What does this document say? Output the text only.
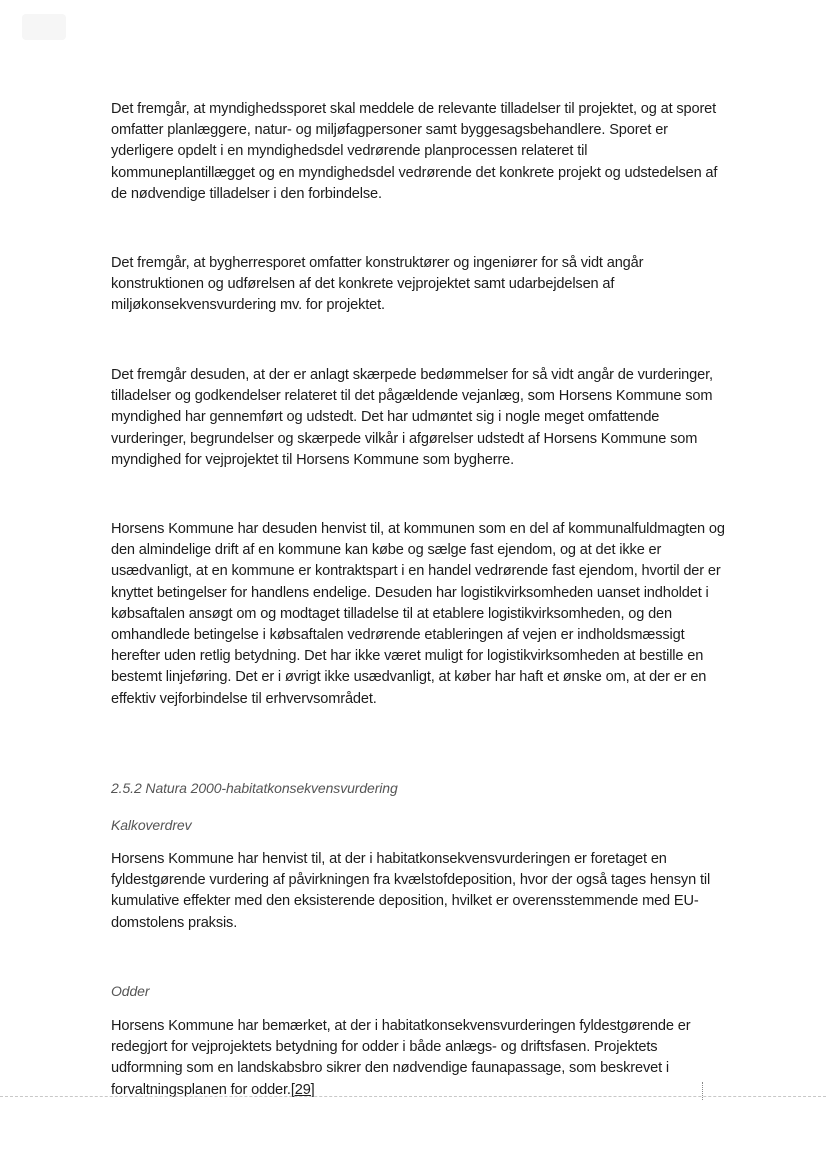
Det fremgår, at myndighedssporet skal meddele de relevante tilladelser til projektet, og at sporet omfatter planlæggere, natur- og miljøfagpersoner samt byggesagsbehandlere. Sporet er yderligere opdelt i en myndighedsdel vedrørende planprocessen relateret til kommuneplantillægget og en myndighedsdel vedrørende det konkrete projekt og udstedelsen af de nødvendige tilladelser i den forbindelse.

Det fremgår, at bygherresporet omfatter konstruktører og ingeniører for så vidt angår konstruktionen og udførelsen af det konkrete vejprojektet samt udarbejdelsen af miljøkonsekvensvurdering mv. for projektet.

Det fremgår desuden, at der er anlagt skærpede bedømmelser for så vidt angår de vurderinger, tilladelser og godkendelser relateret til det pågældende vejanlæg, som Horsens Kommune som myndighed har gennemført og udstedt. Det har udmøntet sig i nogle meget omfattende vurderinger, begrundelser og skærpede vilkår i afgørelser udstedt af Horsens Kommune som myndighed for vejprojektet til Horsens Kommune som bygherre.

Horsens Kommune har desuden henvist til, at kommunen som en del af kommunalfuldmagten og den almindelige drift af en kommune kan købe og sælge fast ejendom, og at det ikke er usædvanligt, at en kommune er kontraktspart i en handel vedrørende fast ejendom, hvortil der er knyttet betingelser for handlens endelige. Desuden har logistikvirksomheden uanset indholdet i købsaftalen ansøgt om og modtaget tilladelse til at etablere logistikvirksomheden, og den omhandlede betingelse i købsaftalen vedrørende etableringen af vejen er indholdsmæssigt herefter uden retlig betydning. Det har ikke været muligt for logistikvirksomheden at bestille en bestemt linjeføring. Det er i øvrigt ikke usædvanligt, at køber har haft et ønske om, at der er en effektiv vejforbindelse til erhvervsområdet.

2.5.2 Natura 2000-habitatkonsekvensvurdering

Kalkoverdrev

Horsens Kommune har henvist til, at der i habitatkonsekvensvurderingen er foretaget en fyldestgørende vurdering af påvirkningen fra kvælstofdeposition, hvor der også tages hensyn til kumulative effekter med den eksisterende deposition, hvilket er overensstemmende med EU-domstolens praksis.

Odder

Horsens Kommune har bemærket, at der i habitatkonsekvensvurderingen fyldestgørende er redegjort for vejprojektets betydning for odder i både anlægs- og driftsfasen. Projektets udformning som en landskabsbro sikrer den nødvendige faunapassage, som beskrevet i forvaltningsplanen for odder.[29]
